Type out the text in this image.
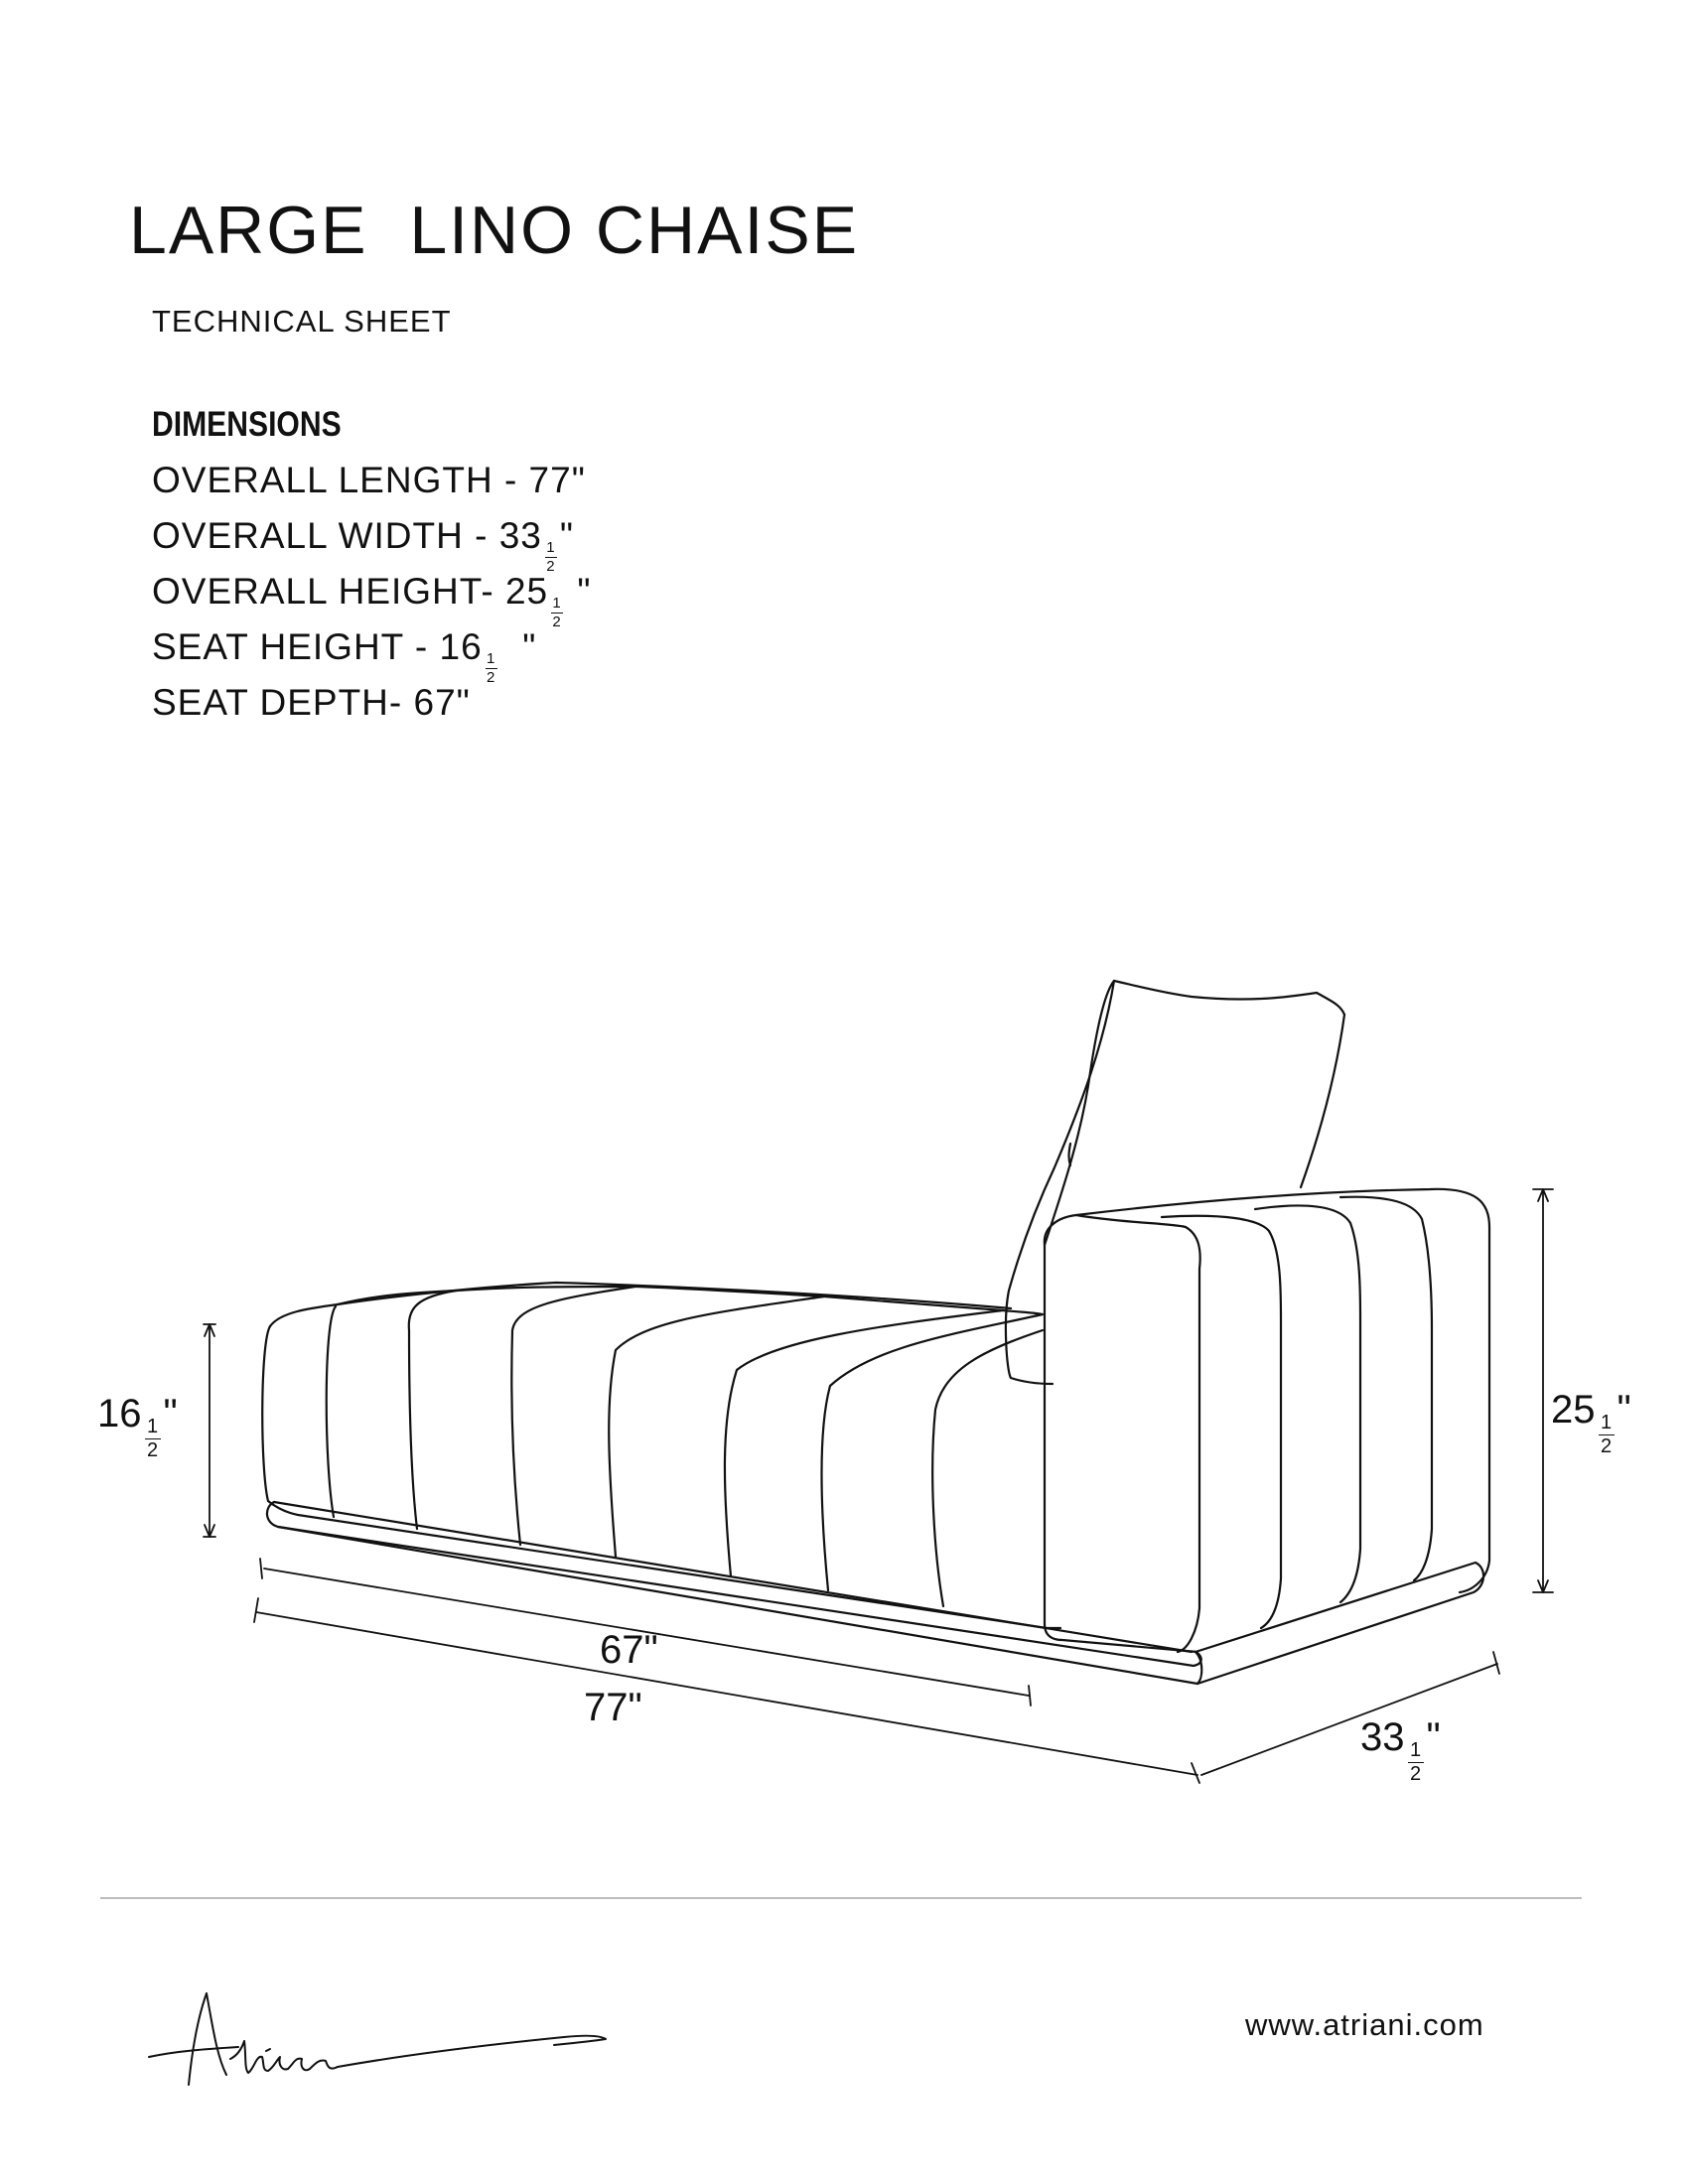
LARGE  LINO CHAISE
TECHNICAL SHEET
DIMENSIONS
OVERALL LENGTH - 77"
OVERALL WIDTH - 33
$\frac{1}{2}$
"
OVERALL HEIGHT- 25
$\frac{1}{2}$
"
SEAT HEIGHT - 16
$\frac{1}{2}$
"
SEAT DEPTH- 67"
16
$\frac{1}{2}$
"	25
$\frac{1}{2}$
"
67"
77"
33
$\frac{1}{2}$
"
www.atriani.com
